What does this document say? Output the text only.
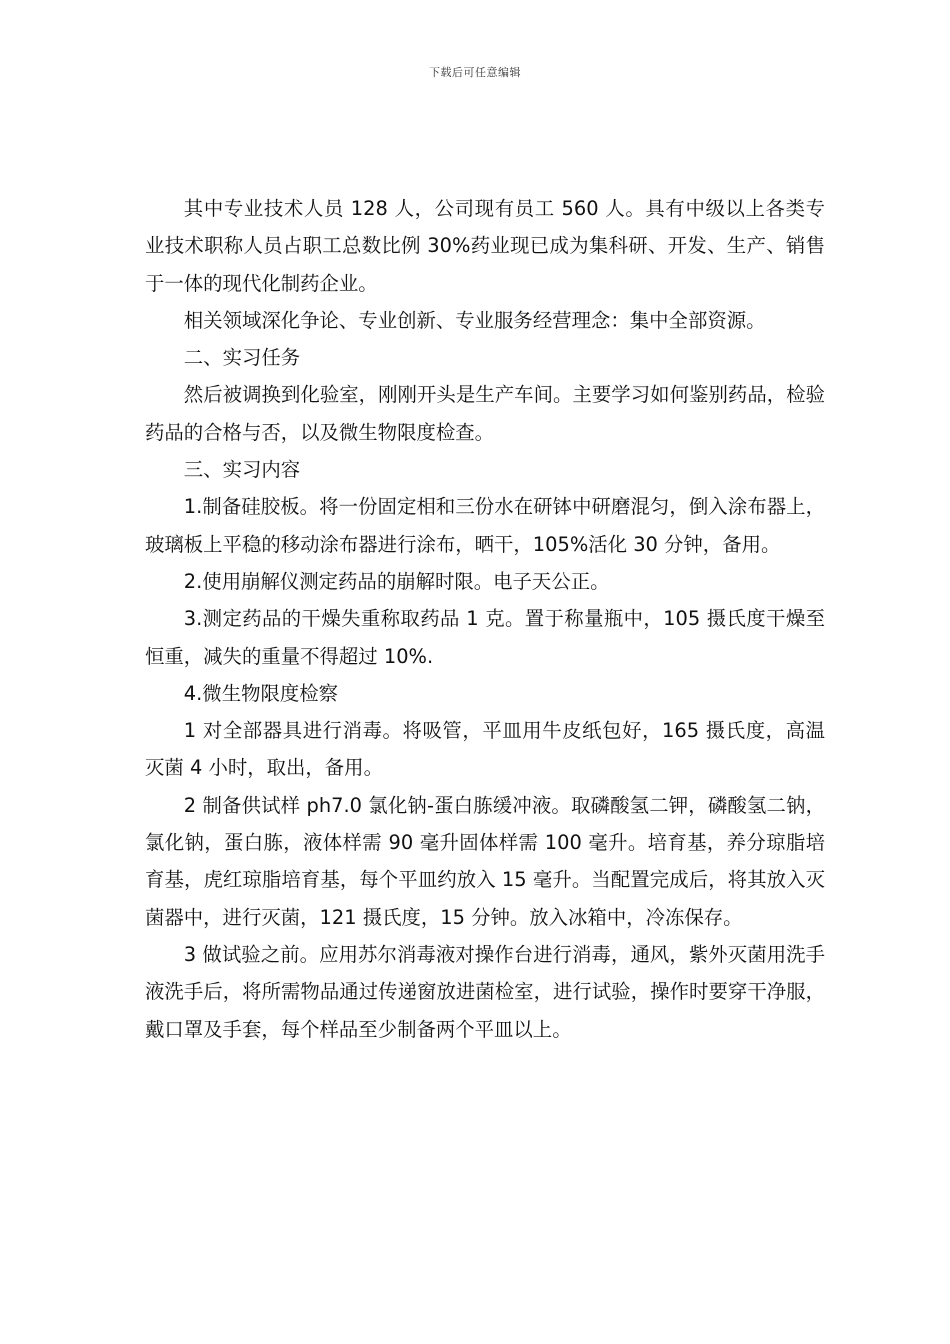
下载后可任意编辑

其中专业技术人员 128 人，公司现有员工 560 人。具有中级以上各类专业技术职称人员占职工总数比例 30%药业现已成为集科研、开发、生产、销售于一体的现代化制药企业。

相关领域深化争论、专业创新、专业服务经营理念：集中全部资源。

二、实习任务

然后被调换到化验室，刚刚开头是生产车间。主要学习如何鉴别药品，检验药品的合格与否，以及微生物限度检查。

三、实习内容

1.制备硅胶板。将一份固定相和三份水在研钵中研磨混匀，倒入涂布器上，玻璃板上平稳的移动涂布器进行涂布，晒干，105%活化 30 分钟，备用。

2.使用崩解仪测定药品的崩解时限。电子天公正。

3.测定药品的干燥失重称取药品 1 克。置于称量瓶中，105 摄氏度干燥至恒重，减失的重量不得超过 10%.

4.微生物限度检察

1 对全部器具进行消毒。将吸管，平皿用牛皮纸包好，165 摄氏度，高温灭菌 4 小时，取出，备用。

2 制备供试样 ph7.0 氯化钠-蛋白胨缓冲液。取磷酸氢二钾，磷酸氢二钠，氯化钠，蛋白胨，液体样需 90 毫升固体样需 100 毫升。培育基，养分琼脂培育基，虎红琼脂培育基，每个平皿约放入 15 毫升。当配置完成后，将其放入灭菌器中，进行灭菌，121 摄氏度，15 分钟。放入冰箱中，冷冻保存。

3 做试验之前。应用苏尔消毒液对操作台进行消毒，通风，紫外灭菌用洗手液洗手后，将所需物品通过传递窗放进菌检室，进行试验，操作时要穿干净服，戴口罩及手套，每个样品至少制备两个平皿以上。
